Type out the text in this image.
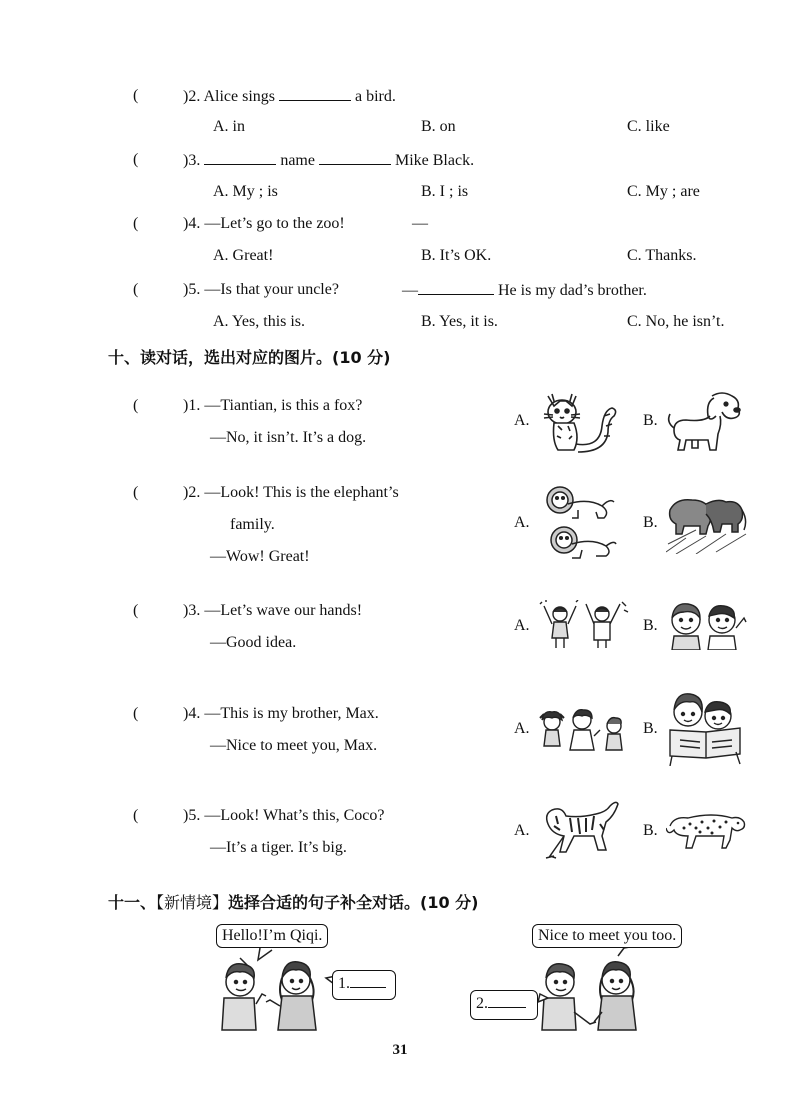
(	)2. Alice sings	a bird.
A. in	B. on	C. like
(	)3.	name	Mike Black.
A. My ; is	B. I ; is	C. My ; are
(	)4. —Let’s go to the zoo!	—
A. Great!	B. It’s OK.	C. Thanks.
(	)5. —Is that your uncle?	—	He is my dad’s brother.
A. Yes, this is.	B. Yes, it is.	C. No, he isn’t.
十、读对话，选出对应的图片。(10 分)
(	)1. —Tiantian, is this a fox?
—No, it isn’t. It’s a dog.
A.	B.
(	)2. —Look! This is the elephant’s
family.
—Wow! Great!
A.	B.
(	)3. —Let’s wave our hands!
—Good idea.
A.	B.
(	)4. —This is my brother, Max.
—Nice to meet you, Max.
A.	B.
(	)5. —Look! What’s this, Coco?
—It’s a tiger. It’s big.
A.	B.
十一、【新情境】选择合适的句子补全对话。(10 分)
Hello!I’m Qiqi.
1.
Nice to meet you too.
2.
31
